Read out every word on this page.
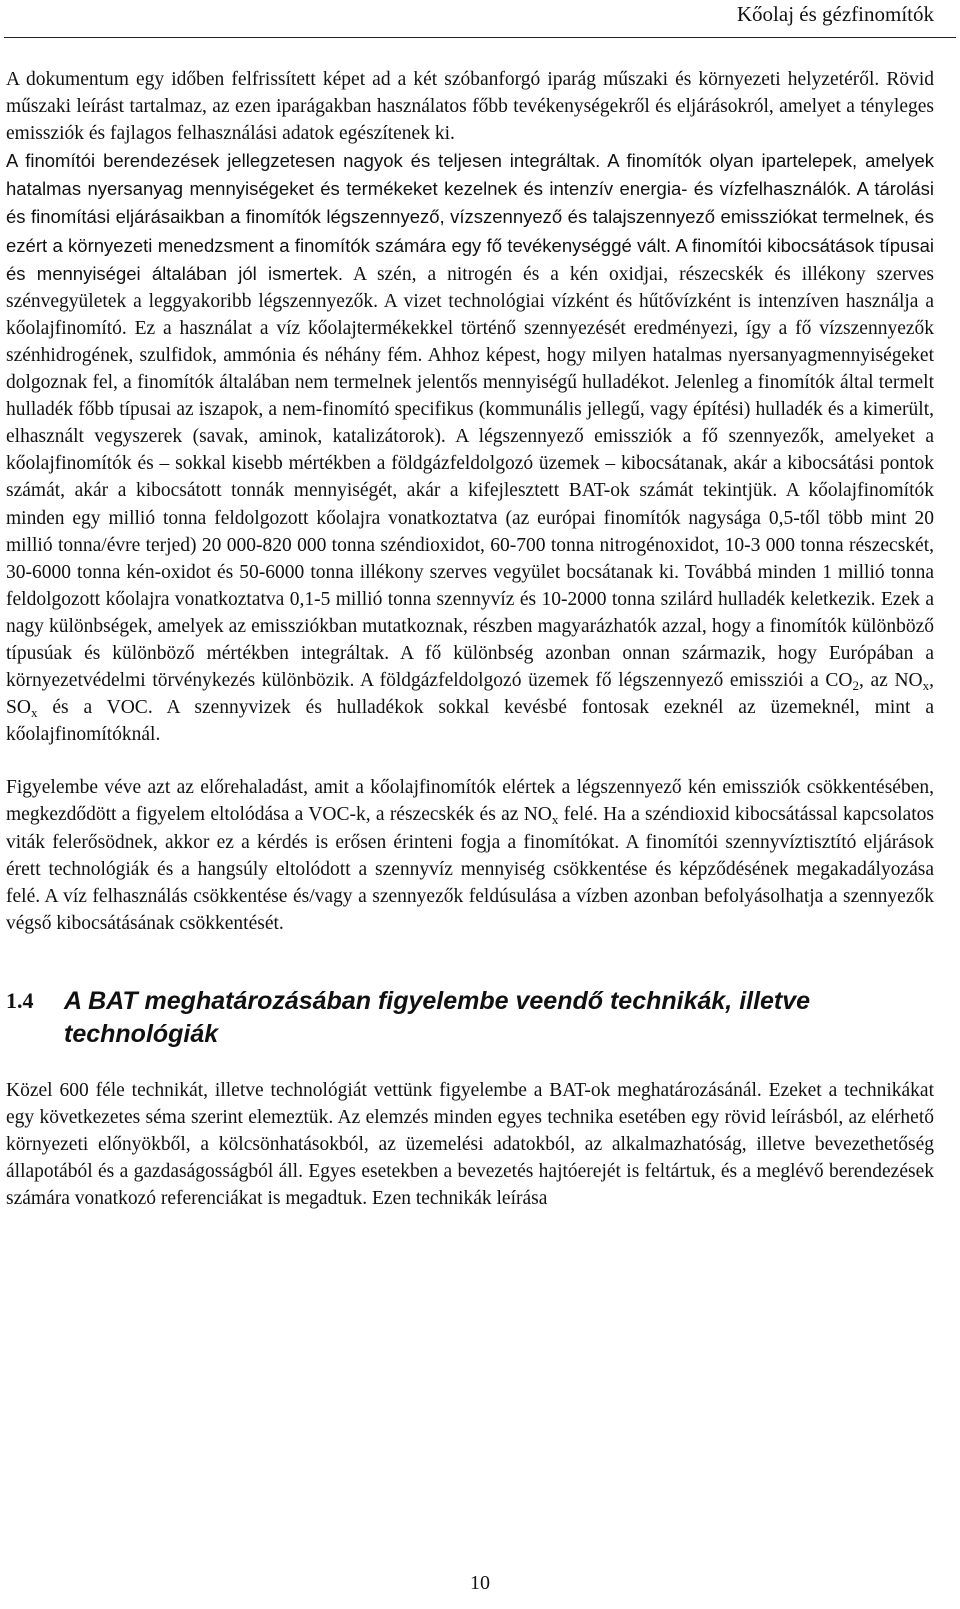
Kőolaj és gézfinomítók

A dokumentum egy időben felfrissített képet ad a két szóbanforgó iparág műszaki és környezeti helyzetéről. Rövid műszaki leírást tartalmaz, az ezen iparágakban használatos főbb tevékenységekről és eljárásokról, amelyet a tényleges emissziók és fajlagos felhasználási adatok egészítenek ki.
A finomítói berendezések jellegzetesen nagyok és teljesen integráltak. A finomítók olyan ipartelepek, amelyek hatalmas nyersanyag mennyiségeket és termékeket kezelnek és intenzív energia- és vízfelhasználók. A tárolási és finomítási eljárásaikban a finomítók légszennyező, vízszennyező és talajszennyező emissziókat termelnek, és ezért a környezeti menedzsment a finomítók számára egy fő tevékenységgé vált. A finomítói kibocsátások típusai és mennyiségei általában jól ismertek. A szén, a nitrogén és a kén oxidjai, részecskék és illékony szerves szénvegyületek a leggyakoribb légszennyezők. A vizet technológiai vízként és hűtővízként is intenzíven használja a kőolajfinomító. Ez a használat a víz kőolajtermékekkel történő szennyezését eredményezi, így a fő vízszennyezők szénhidrogének, szulfidok, ammónia és néhány fém. Ahhoz képest, hogy milyen hatalmas nyersanyagmennyiségeket dolgoznak fel, a finomítók általában nem termelnek jelentős mennyiségű hulladékot. Jelenleg a finomítók által termelt hulladék főbb típusai az iszapok, a nem-finomító specifikus (kommunális jellegű, vagy építési) hulladék és a kimerült, elhasznált vegyszerek (savak, aminok, katalizátorok). A légszennyező emissziók a fő szennyezők, amelyeket a kőolajfinomítók és – sokkal kisebb mértékben a földgázfeldolgozó üzemek – kibocsátanak, akár a kibocsátási pontok számát, akár a kibocsátott tonnák mennyiségét, akár a kifejlesztett BAT-ok számát tekintjük. A kőolajfinomítók minden egy millió tonna feldolgozott kőolajra vonatkoztatva (az európai finomítók nagysága 0,5-től több mint 20 millió tonna/évre terjed) 20 000-820 000 tonna széndioxidot, 60-700 tonna nitrogénoxidot, 10-3 000 tonna részecskét, 30-6000 tonna kén-oxidot és 50-6000 tonna illékony szerves vegyület bocsátanak ki. Továbbá minden 1 millió tonna feldolgozott kőolajra vonatkoztatva 0,1-5 millió tonna szennyvíz és 10-2000 tonna szilárd hulladék keletkezik. Ezek a nagy különbségek, amelyek az emissziókban mutatkoznak, részben magyarázhatók azzal, hogy a finomítók különböző típusúak és különböző mértékben integráltak. A fő különbség azonban onnan származik, hogy Európában a környezetvédelmi törvénykezés különbözik. A földgázfeldolgozó üzemek fő légszennyező emissziói a $CO_2$, az $NO_x$, $SO_x$ és a VOC. A szennyvizek és hulladékok sokkal kevésbé fontosak ezeknél az üzemeknél, mint a kőolajfinomítóknál.

Figyelembe véve azt az előrehaladást, amit a kőolajfinomítók elértek a légszennyező kén emissziók csökkentésében, megkezdődött a figyelem eltolódása a VOC-k, a részecskék és az $NO_x$ felé. Ha a széndioxid kibocsátással kapcsolatos viták felerősödnek, akkor ez a kérdés is erősen érinteni fogja a finomítókat. A finomítói szennyvíztisztító eljárások érett technológiák és a hangsúly eltolódott a szennyvíz mennyiség csökkentése és képződésének megakadályozása felé. A víz felhasználás csökkentése és/vagy a szennyezők feldúsulása a vízben azonban befolyásolhatja a szennyezők végső kibocsátásának csökkentését.

1.4 A BAT meghatározásában figyelembe veendő technikák, illetve technológiák

Közel 600 féle technikát, illetve technológiát vettünk figyelembe a BAT-ok meghatározásánál. Ezeket a technikákat egy következetes séma szerint elemeztük. Az elemzés minden egyes technika esetében egy rövid leírásból, az elérhető környezeti előnyökből, a kölcsönhatásokból, az üzemelési adatokból, az alkalmazhatóság, illetve bevezethetőség állapotából és a gazdaságosságból áll. Egyes esetekben a bevezetés hajtóerejét is feltártuk, és a meglévő berendezések számára vonatkozó referenciákat is megadtuk. Ezen technikák leírása

10
